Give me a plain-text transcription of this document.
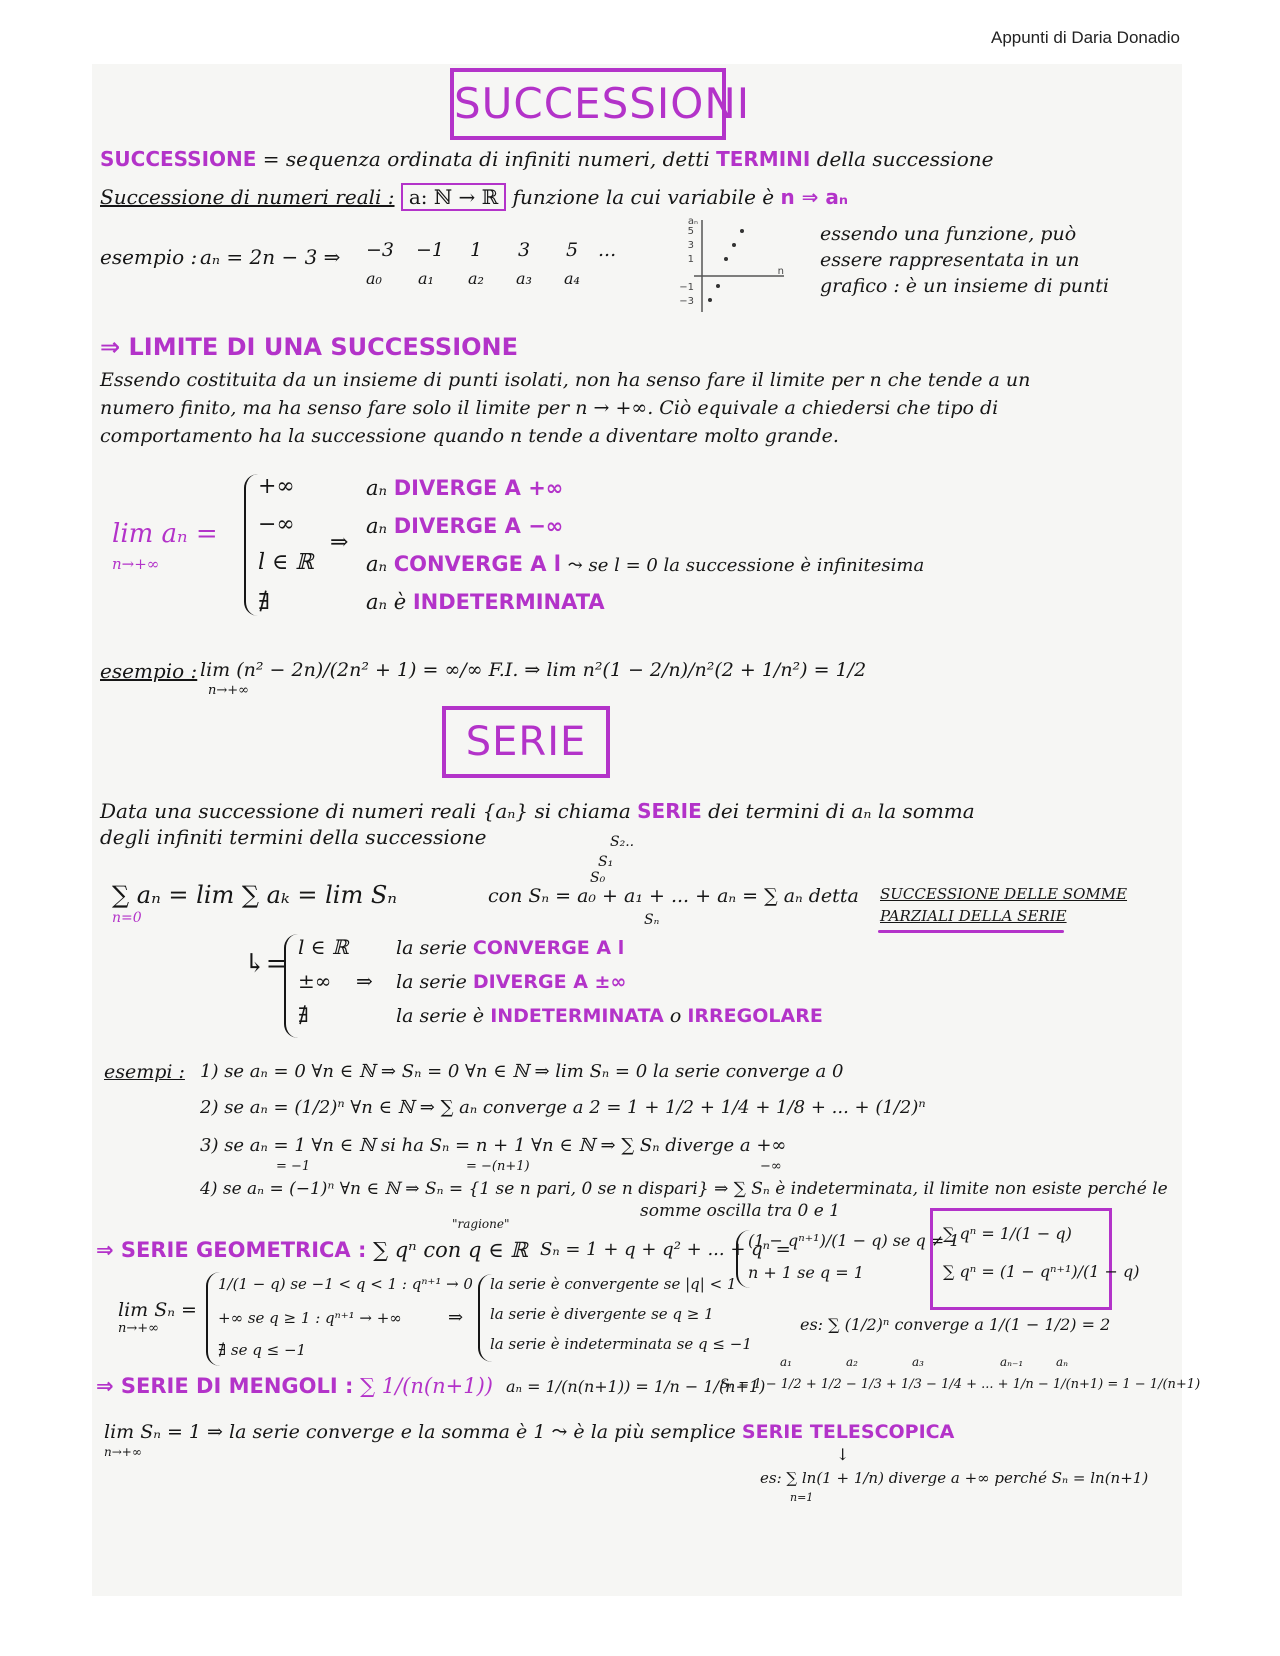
Appunti di Daria Donadio
SUCCESSIONI
SUCCESSIONE = sequenza ordinata di infiniti numeri, detti TERMINI della successione
Successione di numeri reali : a: ℕ → ℝ funzione la cui variabile è n ⇒ aₙ
esempio : aₙ = 2n − 3 ⇒ −3 −1 1 3 5 ...
a₀ a₁ a₂ a₃ a₄
aₙ
n
5
3
1
−1
−3
essendo una funzione, può
essere rappresentata in un
grafico : è un insieme di punti
⇒ LIMITE DI UNA SUCCESSIONE
Essendo costituita da un insieme di punti isolati, non ha senso fare il limite per n che tende a un
numero finito, ma ha senso fare solo il limite per n → +∞. Ciò equivale a chiedersi che tipo di
comportamento ha la successione quando n tende a diventare molto grande.
lim aₙ =
n→+∞
+∞
−∞
l ∈ ℝ
∄
⇒
aₙ DIVERGE A +∞
aₙ DIVERGE A −∞
aₙ CONVERGE A l ⤳ se l = 0 la successione è infinitesima
aₙ è INDETERMINATA
esempio : lim (n² − 2n)/(2n² + 1) = ∞/∞ F.I. ⇒ lim n²(1 − 2/n)/n²(2 + 1/n²) = 1/2
n→+∞
SERIE
Data una successione di numeri reali {aₙ} si chiama SERIE dei termini di aₙ la somma
degli infiniti termini della successione	S₂..
S₁
S₀
∑ aₙ = lim ∑ aₖ = lim Sₙ
n=0
con Sₙ = a₀ + a₁ + ... + aₙ = ∑ aₙ detta
Sₙ
SUCCESSIONE DELLE SOMME
PARZIALI DELLA SERIE
↳=
l ∈ ℝ
±∞
∄
⇒
la serie CONVERGE A l
la serie DIVERGE A ±∞
la serie è INDETERMINATA o IRREGOLARE
esempi : 1) se aₙ = 0 ∀n ∈ ℕ ⇒ Sₙ = 0 ∀n ∈ ℕ ⇒ lim Sₙ = 0 la serie converge a 0
2) se aₙ = (1/2)ⁿ ∀n ∈ ℕ ⇒ ∑ aₙ converge a 2 = 1 + 1/2 + 1/4 + 1/8 + ... + (1/2)ⁿ
3) se aₙ = 1 ∀n ∈ ℕ si ha Sₙ = n + 1 ∀n ∈ ℕ ⇒ ∑ Sₙ diverge a +∞
= −1	= −(n+1)	−∞
4) se aₙ = (−1)ⁿ ∀n ∈ ℕ ⇒ Sₙ = {1 se n pari, 0 se n dispari} ⇒ ∑ Sₙ è indeterminata, il limite non esiste perché le
somme oscilla tra 0 e 1
⇒ SERIE GEOMETRICA : ∑ qⁿ con q ∈ ℝ
"ragione"
Sₙ = 1 + q + q² + ... + qⁿ =
(1 − qⁿ⁺¹)/(1 − q) se q ≠ 1
n + 1 se q = 1
∑ qⁿ = 1/(1 − q)
∑ qⁿ = (1 − qⁿ⁺¹)/(1 − q)
lim Sₙ =
n→+∞
1/(1 − q) se −1 < q < 1 : qⁿ⁺¹ → 0
+∞ se q ≥ 1 : qⁿ⁺¹ → +∞
∄ se q ≤ −1
⇒
la serie è convergente se |q| < 1
la serie è divergente se q ≥ 1
la serie è indeterminata se q ≤ −1
es: ∑ (1/2)ⁿ converge a 1/(1 − 1/2) = 2
⇒ SERIE DI MENGOLI : ∑ 1/(n(n+1)) aₙ = 1/(n(n+1)) = 1/n − 1/(n+1)
Sₙ = 1 − 1/2 + 1/2 − 1/3 + 1/3 − 1/4 + ... + 1/n − 1/(n+1) = 1 − 1/(n+1)
a₁	a₂	a₃	aₙ₋₁	aₙ
lim Sₙ = 1 ⇒ la serie converge e la somma è 1 ⤳ è la più semplice SERIE TELESCOPICA
n→+∞	↓
es: ∑ ln(1 + 1/n) diverge a +∞ perché Sₙ = ln(n+1)
n=1
